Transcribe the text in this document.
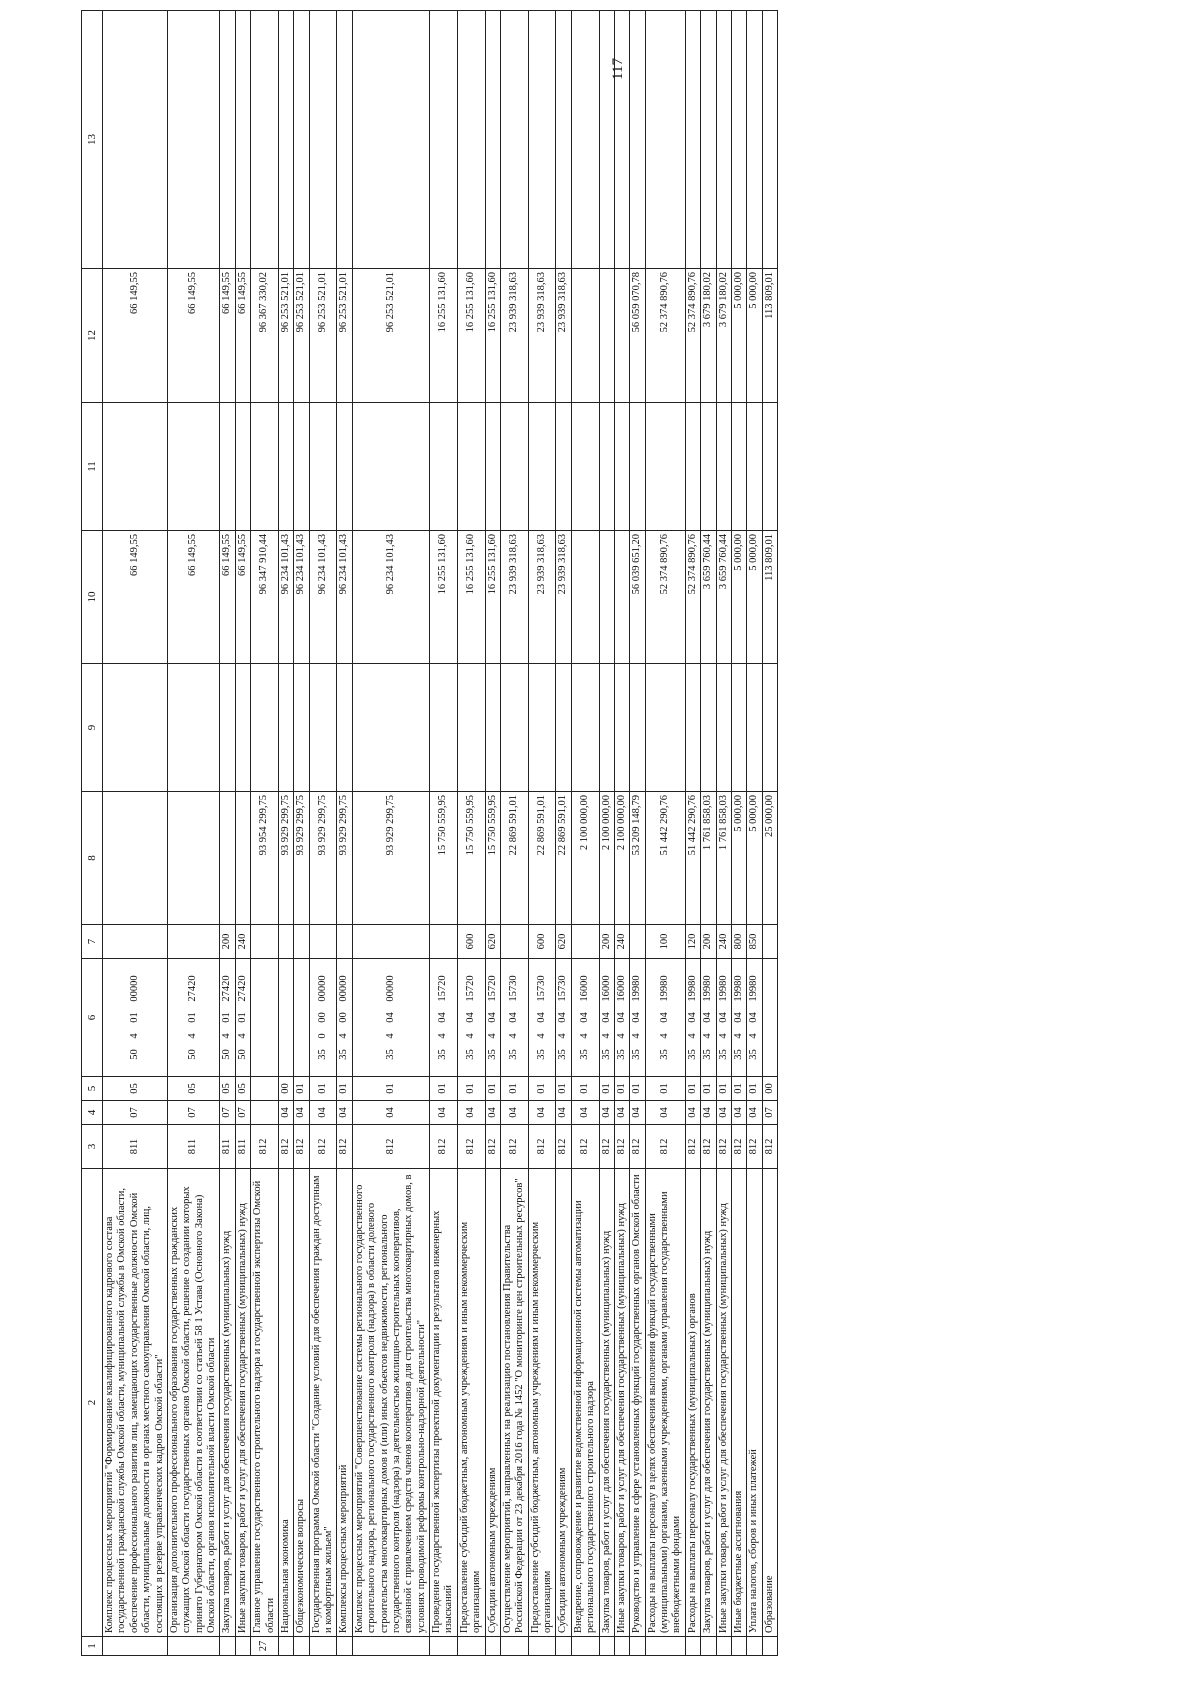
117
1	2	3	4	5	6	7	8	9	10	11	12	13
	Комплекс процессных мероприятий "Формирование квалифицированного кадрового состава государственной гражданской службы Омской области, муниципальной службы в Омской области, обеспечение профессионального развития лиц, замещающих государственные должности Омской области, муниципальные должности в органах местного самоуправления Омской области, лиц, состоящих в резерве управленческих кадров Омской области"	811	07	05	50 4 01 00000				66 149,55		66 149,55	
	Организация дополнительного профессионального образования государственных гражданских служащих Омской области государственных органов Омской области, решение о создании которых принято Губернатором Омской области в соответствии со статьей 58 1 Устава (Основного Закона) Омской области, органов исполнительной власти Омской области	811	07	05	50 4 01 27420				66 149,55		66 149,55	
	Закупка товаров, работ и услуг для обеспечения государственных (муниципальных) нужд	811	07	05	50 4 01 27420	200			66 149,55		66 149,55	
	Иные закупки товаров, работ и услуг для обеспечения государственных (муниципальных) нужд	811	07	05	50 4 01 27420	240			66 149,55		66 149,55	
27	Главное управление государственного строительного надзора и государственной экспертизы Омской области	812					93 954 299,75		96 347 910,44		96 367 330,02	
	Национальная экономика	812	04	00			93 929 299,75		96 234 101,43		96 253 521,01	
	Общеэкономические вопросы	812	04	01			93 929 299,75		96 234 101,43		96 253 521,01	
	Государственная программа Омской области "Создание условий для обеспечения граждан доступным и комфортным жильем"	812	04	01	35 0 00 00000		93 929 299,75		96 234 101,43		96 253 521,01	
	Комплексы процессных мероприятий	812	04	01	35 4 00 00000		93 929 299,75		96 234 101,43		96 253 521,01	
	Комплекс процессных мероприятий "Совершенствование системы регионального государственного строительного надзора, регионального государственного контроля (надзора) в области долевого строительства многоквартирных домов и (или) иных объектов недвижимости, регионального государственного контроля (надзора) за деятельностью жилищно-строительных кооперативов, связанной с привлечением средств членов кооперативов для строительства многоквартирных домов, в условиях проводимой реформы контрольно-надзорной деятельности"	812	04	01	35 4 04 00000		93 929 299,75		96 234 101,43		96 253 521,01	
	Проведение государственной экспертизы проектной документации и результатов инженерных изысканий	812	04	01	35 4 04 15720		15 750 559,95		16 255 131,60		16 255 131,60	
	Предоставление субсидий бюджетным, автономным учреждениям и иным некоммерческим организациям	812	04	01	35 4 04 15720	600	15 750 559,95		16 255 131,60		16 255 131,60	
	Субсидии автономным учреждениям	812	04	01	35 4 04 15720	620	15 750 559,95		16 255 131,60		16 255 131,60	
	Осуществление мероприятий, направленных на реализацию постановления Правительства Российской Федерации от 23 декабря 2016 года № 1452 "О мониторинге цен строительных ресурсов"	812	04	01	35 4 04 15730		22 869 591,01		23 939 318,63		23 939 318,63	
	Предоставление субсидий бюджетным, автономным учреждениям и иным некоммерческим организациям	812	04	01	35 4 04 15730	600	22 869 591,01		23 939 318,63		23 939 318,63	
	Субсидии автономным учреждениям	812	04	01	35 4 04 15730	620	22 869 591,01		23 939 318,63		23 939 318,63	
	Внедрение, сопровождение и развитие ведомственной информационной системы автоматизации регионального государственного строительного надзора	812	04	01	35 4 04 16000		2 100 000,00					
	Закупка товаров, работ и услуг для обеспечения государственных (муниципальных) нужд	812	04	01	35 4 04 16000	200	2 100 000,00					
	Иные закупки товаров, работ и услуг для обеспечения государственных (муниципальных) нужд	812	04	01	35 4 04 16000	240	2 100 000,00					
	Руководство и управление в сфере установленных функций государственных органов Омской области	812	04	01	35 4 04 19980		53 209 148,79		56 039 651,20		56 059 070,78	
	Расходы на выплаты персоналу в целях обеспечения выполнения функций государственными (муниципальными) органами, казенными учреждениями, органами управления государственными внебюджетными фондами	812	04	01	35 4 04 19980	100	51 442 290,76		52 374 890,76		52 374 890,76	
	Расходы на выплаты персоналу государственных (муниципальных) органов	812	04	01	35 4 04 19980	120	51 442 290,76		52 374 890,76		52 374 890,76	
	Закупка товаров, работ и услуг для обеспечения государственных (муниципальных) нужд	812	04	01	35 4 04 19980	200	1 761 858,03		3 659 760,44		3 679 180,02	
	Иные закупки товаров, работ и услуг для обеспечения государственных (муниципальных) нужд	812	04	01	35 4 04 19980	240	1 761 858,03		3 659 760,44		3 679 180,02	
	Иные бюджетные ассигнования	812	04	01	35 4 04 19980	800	5 000,00		5 000,00		5 000,00	
	Уплата налогов, сборов и иных платежей	812	04	01	35 4 04 19980	850	5 000,00		5 000,00		5 000,00	
	Образование	812	07	00			25 000,00		113 809,01		113 809,01	
